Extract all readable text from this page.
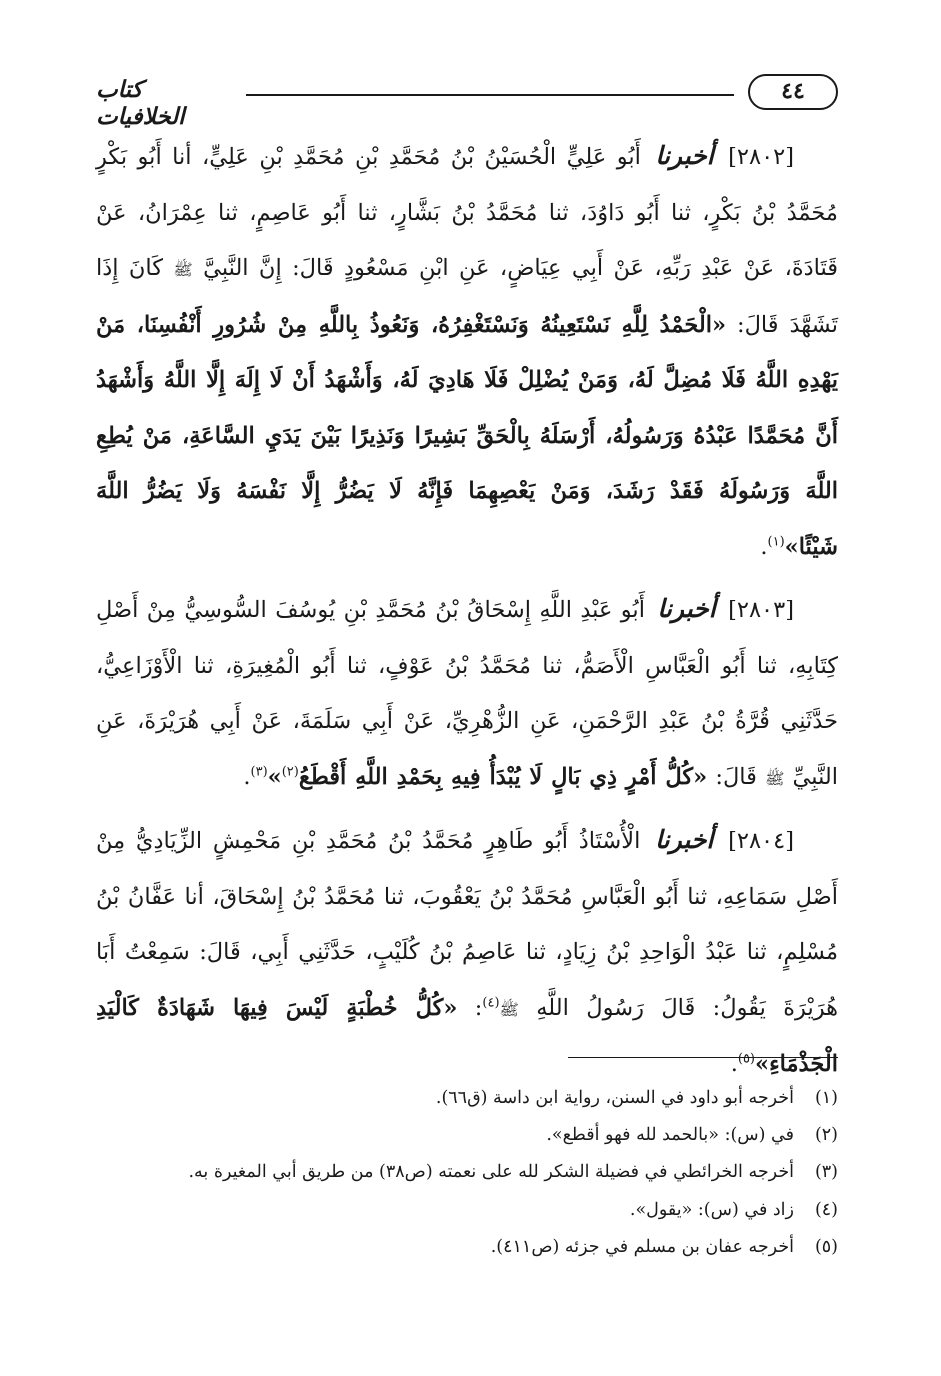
كتاب الخلافيات
٤٤

[٢٨٠٢] أخبرنا أَبُو عَلِيٍّ الْحُسَيْنُ بْنُ مُحَمَّدِ بْنِ مُحَمَّدِ بْنِ عَلِيٍّ، أنا أَبُو بَكْرٍ مُحَمَّدُ بْنُ بَكْرٍ، ثنا أَبُو دَاوُدَ، ثنا مُحَمَّدُ بْنُ بَشَّارٍ، ثنا أَبُو عَاصِمٍ، ثنا عِمْرَانُ، عَنْ قَتَادَةَ، عَنْ عَبْدِ رَبِّهِ، عَنْ أَبِي عِيَاضٍ، عَنِ ابْنِ مَسْعُودٍ قَالَ: إِنَّ النَّبِيَّ ﷺ كَانَ إِذَا تَشَهَّدَ قَالَ: «الْحَمْدُ لِلَّهِ نَسْتَعِينُهُ وَنَسْتَغْفِرُهُ، وَنَعُوذُ بِاللَّهِ مِنْ شُرُورِ أَنْفُسِنَا، مَنْ يَهْدِهِ اللَّهُ فَلَا مُضِلَّ لَهُ، وَمَنْ يُضْلِلْ فَلَا هَادِيَ لَهُ، وَأَشْهَدُ أَنْ لَا إِلَهَ إِلَّا اللَّهُ وَأَشْهَدُ أَنَّ مُحَمَّدًا عَبْدُهُ وَرَسُولُهُ، أَرْسَلَهُ بِالْحَقِّ بَشِيرًا وَنَذِيرًا بَيْنَ يَدَيِ السَّاعَةِ، مَنْ يُطِعِ اللَّهَ وَرَسُولَهُ فَقَدْ رَشَدَ، وَمَنْ يَعْصِهِمَا فَإِنَّهُ لَا يَضُرُّ إِلَّا نَفْسَهُ وَلَا يَضُرُّ اللَّهَ شَيْئًا»$^{(١)}$.

[٢٨٠٣] أخبرنا أَبُو عَبْدِ اللَّهِ إِسْحَاقُ بْنُ مُحَمَّدِ بْنِ يُوسُفَ السُّوسِيُّ مِنْ أَصْلِ كِتَابِهِ، ثنا أَبُو الْعَبَّاسِ الْأَصَمُّ، ثنا مُحَمَّدُ بْنُ عَوْفٍ، ثنا أَبُو الْمُغِيرَةِ، ثنا الْأَوْزَاعِيُّ، حَدَّثَنِي قُرَّةُ بْنُ عَبْدِ الرَّحْمَنِ، عَنِ الزُّهْرِيِّ، عَنْ أَبِي سَلَمَةَ، عَنْ أَبِي هُرَيْرَةَ، عَنِ النَّبِيِّ ﷺ قَالَ: «كُلُّ أَمْرٍ ذِي بَالٍ لَا يُبْدَأُ فِيهِ بِحَمْدِ اللَّهِ أَقْطَعُ$^{(٢)}$»$^{(٣)}$.

[٢٨٠٤] أخبرنا الْأُسْتَاذُ أَبُو طَاهِرٍ مُحَمَّدُ بْنُ مُحَمَّدِ بْنِ مَحْمِشٍ الزِّيَادِيُّ مِنْ أَصْلِ سَمَاعِهِ، ثنا أَبُو الْعَبَّاسِ مُحَمَّدُ بْنُ يَعْقُوبَ، ثنا مُحَمَّدُ بْنُ إِسْحَاقَ، أنا عَفَّانُ بْنُ مُسْلِمٍ، ثنا عَبْدُ الْوَاحِدِ بْنُ زِيَادٍ، ثنا عَاصِمُ بْنُ كُلَيْبٍ، حَدَّثَنِي أَبِي، قَالَ: سَمِعْتُ أَبَا هُرَيْرَةَ يَقُولُ: قَالَ رَسُولُ اللَّهِ ﷺ$^{(٤)}$: «كُلُّ خُطْبَةٍ لَيْسَ فِيهَا شَهَادَةٌ كَالْيَدِ الْجَذْمَاءِ»$^{(٥)}$.

(١)أخرجه أبو داود في السنن، رواية ابن داسة (ق٦٦).
(٢)في (س): «بالحمد لله فهو أقطع».
(٣)أخرجه الخرائطي في فضيلة الشكر لله على نعمته (ص٣٨) من طريق أبي المغيرة به.
(٤)زاد في (س): «يقول».
(٥)أخرجه عفان بن مسلم في جزئه (ص٤١١).
